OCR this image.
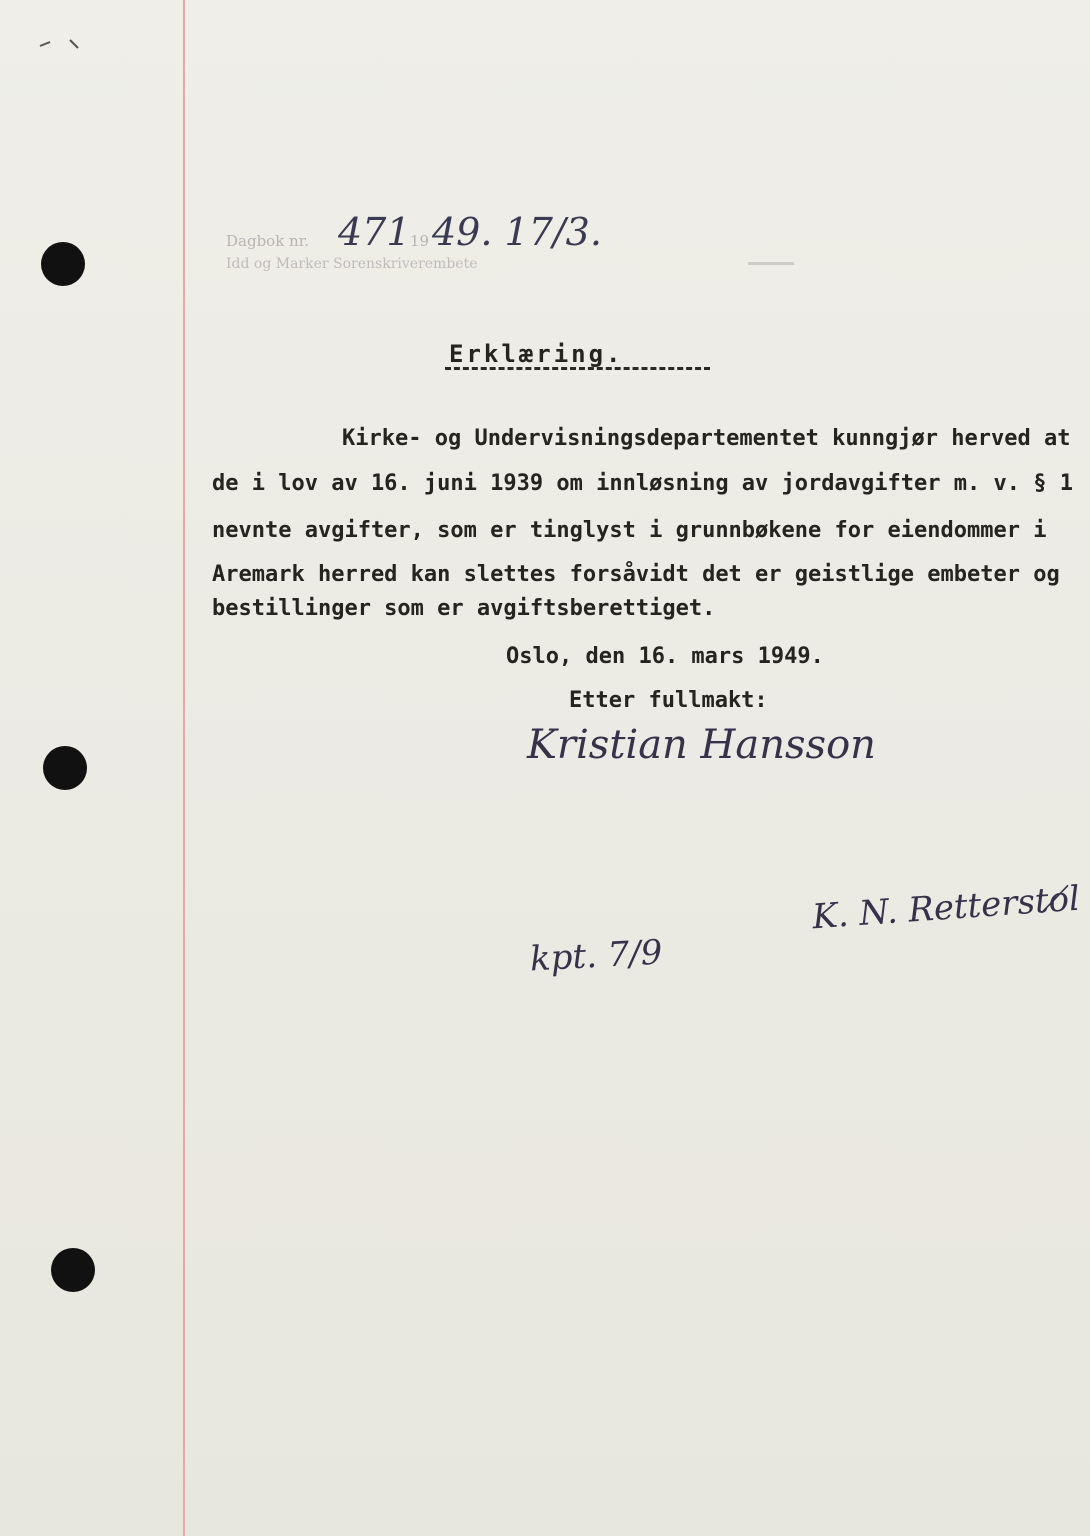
Dagbok nr. 471 19 49. 17/3.
Idd og Marker Sorenskriverembete
Erklæring.
Kirke- og Undervisningsdepartementet kunngjør herved at
de i lov av 16. juni 1939 om innløsning av jordavgifter m. v. § 1
nevnte avgifter, som er tinglyst i grunnbøkene for eiendommer i
Aremark herred kan slettes forsåvidt det er geistlige embeter og
bestillinger som er avgiftsberettiget.
Oslo, den 16. mars 1949.
Etter fullmakt:
Kristian Hansson
K. N. Rettersto̸l
kpt. 7/9
